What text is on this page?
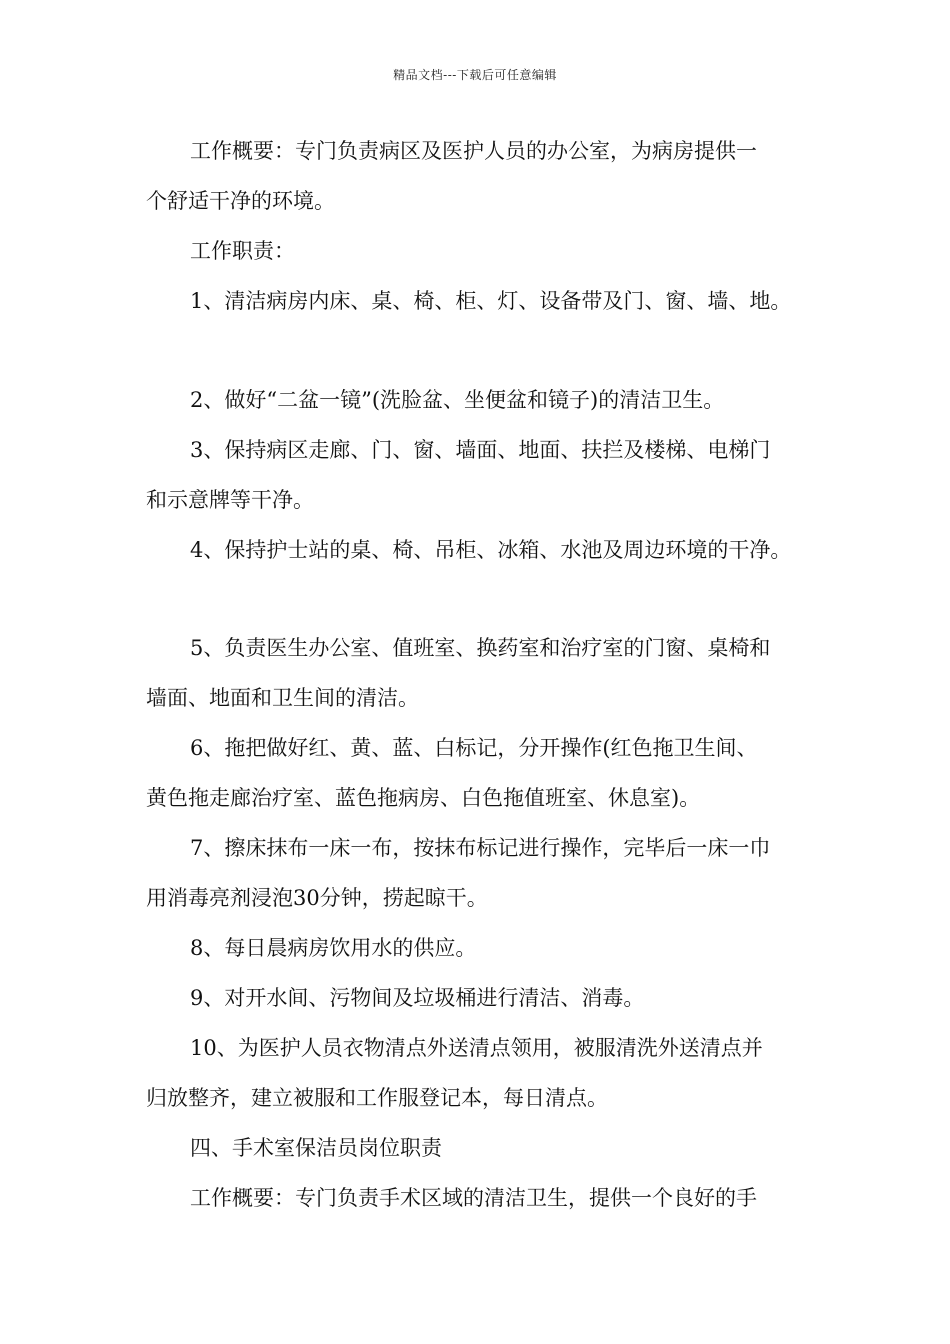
精品文档---下载后可任意编辑
工作概要：专门负责病区及医护人员的办公室，为病房提供一
个舒适干净的环境。
工作职责：
1、清洁病房内床、桌、椅、柜、灯、设备带及门、窗、墙、地。
2、做好“二盆一镜”(洗脸盆、坐便盆和镜子)的清洁卫生。
3、保持病区走廊、门、窗、墙面、地面、扶拦及楼梯、电梯门
和示意牌等干净。
4、保持护士站的桌、椅、吊柜、冰箱、水池及周边环境的干净。
5、负责医生办公室、值班室、换药室和治疗室的门窗、桌椅和
墙面、地面和卫生间的清洁。
6、拖把做好红、黄、蓝、白标记，分开操作(红色拖卫生间、
黄色拖走廊治疗室、蓝色拖病房、白色拖值班室、休息室)。
7、擦床抹布一床一布，按抹布标记进行操作，完毕后一床一巾
用消毒亮剂浸泡30分钟，捞起晾干。
8、每日晨病房饮用水的供应。
9、对开水间、污物间及垃圾桶进行清洁、消毒。
10、为医护人员衣物清点外送清点领用，被服清洗外送清点并
归放整齐，建立被服和工作服登记本，每日清点。
四、手术室保洁员岗位职责
工作概要：专门负责手术区域的清洁卫生，提供一个良好的手
